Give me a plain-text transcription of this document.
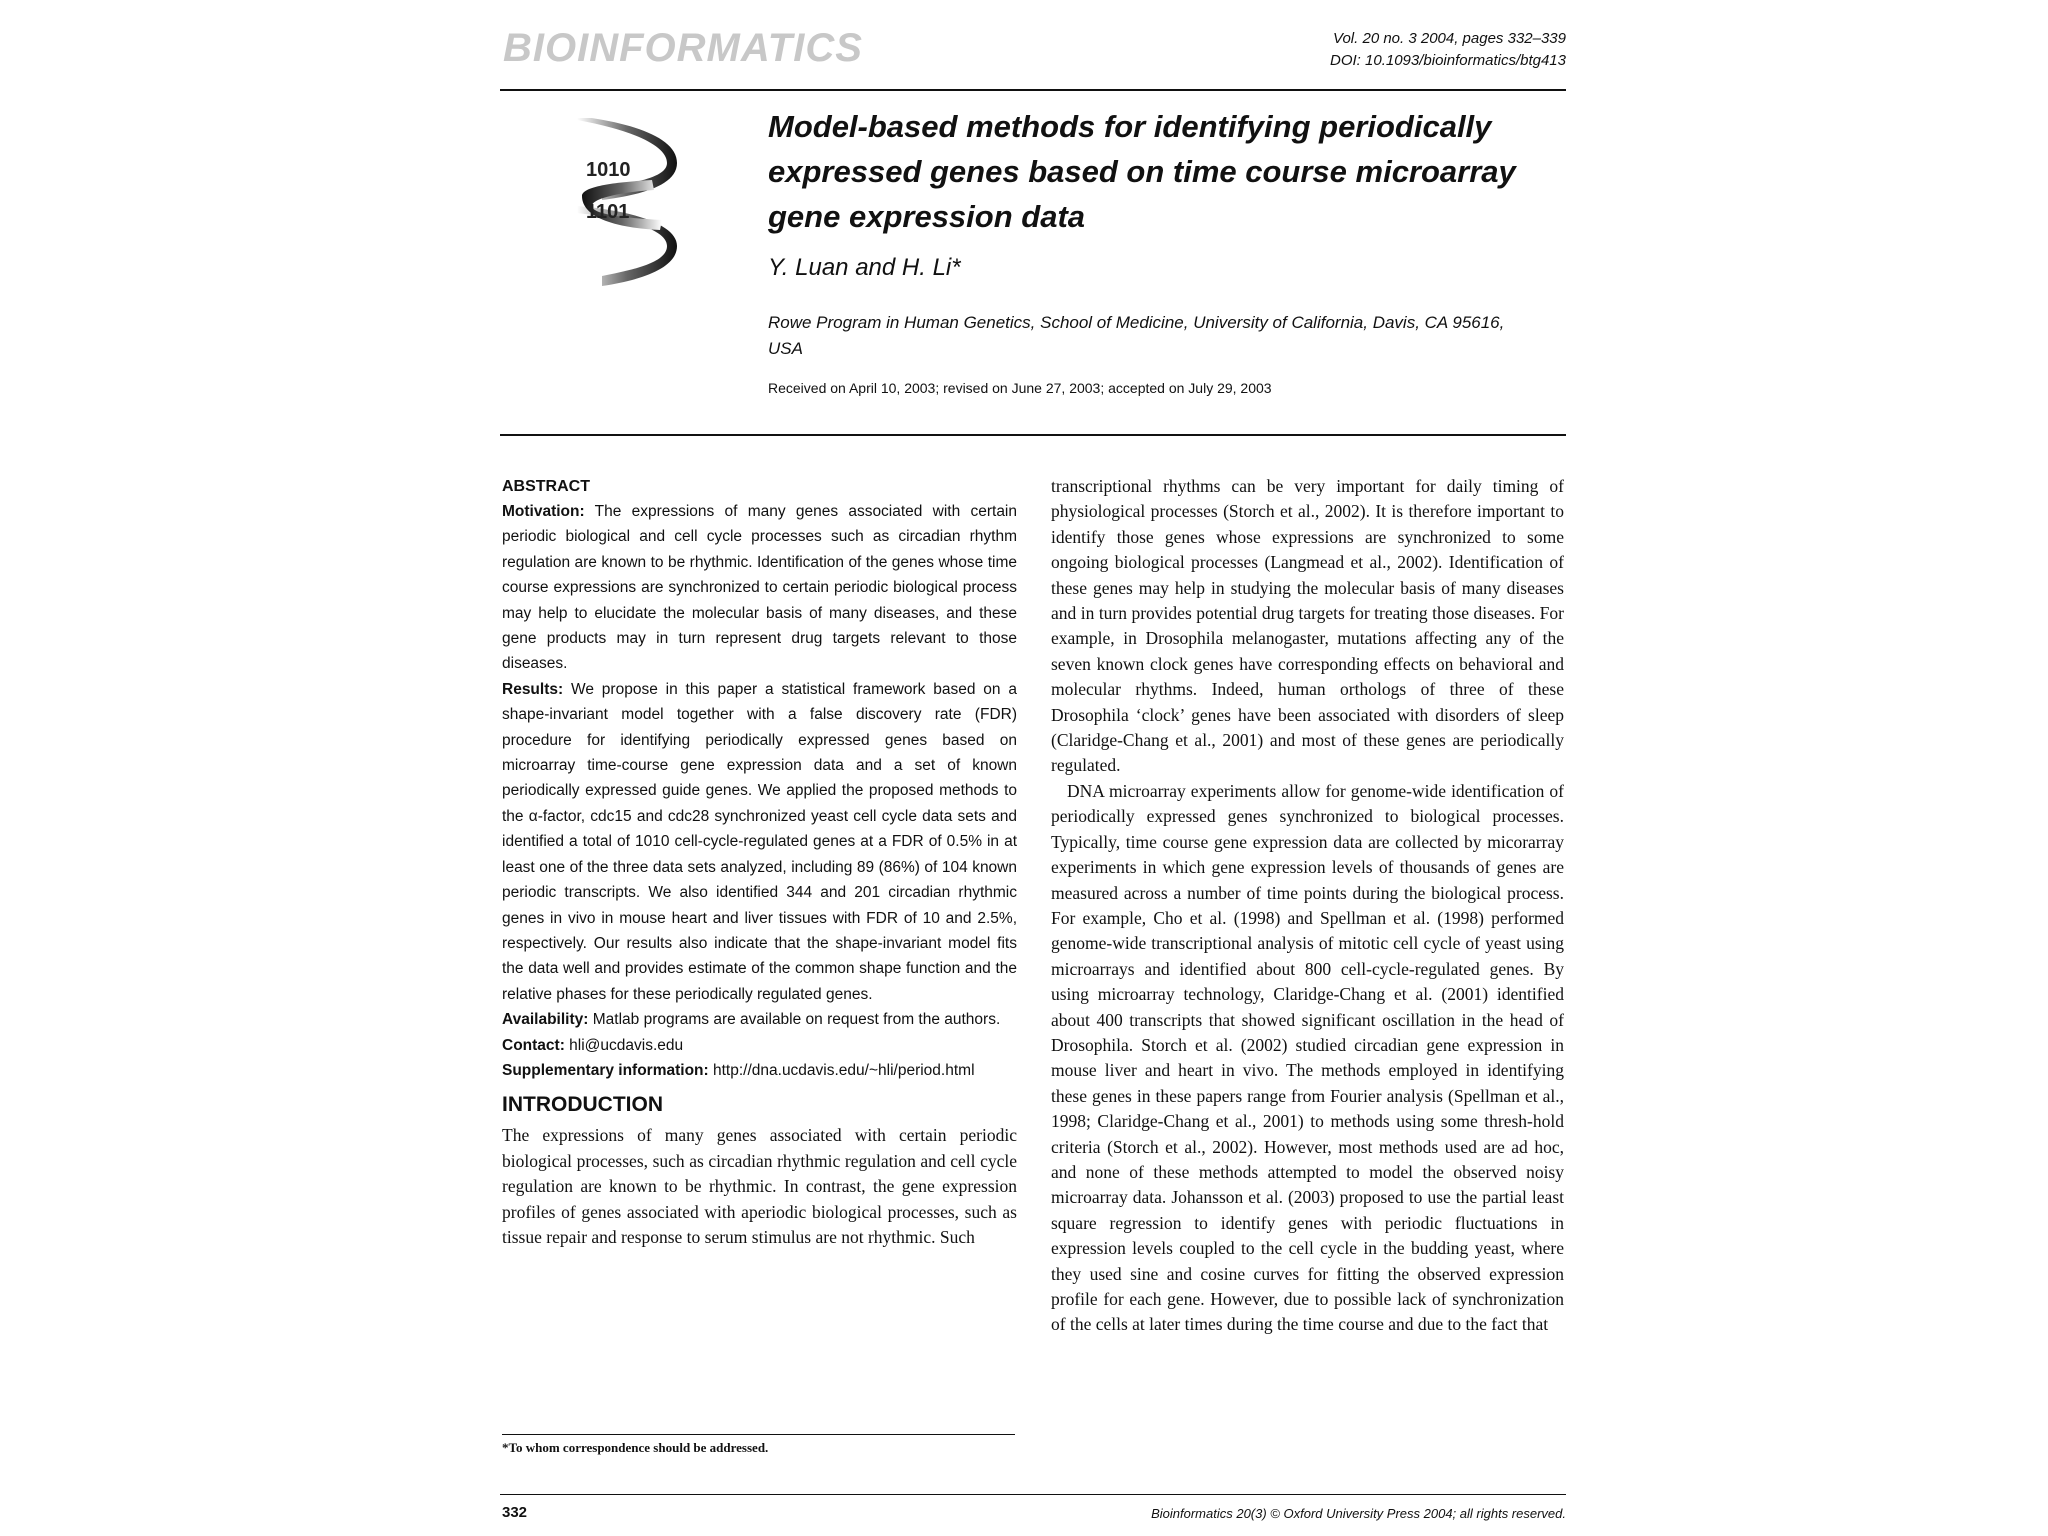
BIOINFORMATICS	Vol. 20 no. 3 2004, pages 332–339
DOI: 10.1093/bioinformatics/btg413
1010
1101
Model-based methods for identifying periodically expressed genes based on time course microarray gene expression data
Y. Luan and H. Li*
Rowe Program in Human Genetics, School of Medicine, University of California, Davis, CA 95616, USA
Received on April 10, 2003; revised on June 27, 2003; accepted on July 29, 2003
ABSTRACT

Motivation: The expressions of many genes associated with certain periodic biological and cell cycle processes such as circadian rhythm regulation are known to be rhythmic. Identification of the genes whose time course expressions are synchronized to certain periodic biological process may help to elucidate the molecular basis of many diseases, and these gene products may in turn represent drug targets relevant to those diseases.

Results: We propose in this paper a statistical framework based on a shape-invariant model together with a false discovery rate (FDR) procedure for identifying periodically expressed genes based on microarray time-course gene expression data and a set of known periodically expressed guide genes. We applied the proposed methods to the α-factor, cdc15 and cdc28 synchronized yeast cell cycle data sets and identified a total of 1010 cell-cycle-regulated genes at a FDR of 0.5% in at least one of the three data sets analyzed, including 89 (86%) of 104 known periodic transcripts. We also identified 344 and 201 circadian rhythmic genes in vivo in mouse heart and liver tissues with FDR of 10 and 2.5%, respectively. Our results also indicate that the shape-invariant model fits the data well and provides estimate of the common shape function and the relative phases for these periodically regulated genes.

Availability: Matlab programs are available on request from the authors.

Contact: hli@ucdavis.edu

Supplementary information: http://dna.ucdavis.edu/~hli/period.html

INTRODUCTION

The expressions of many genes associated with certain periodic biological processes, such as circadian rhythmic regulation and cell cycle regulation are known to be rhythmic. In contrast, the gene expression profiles of genes associated with aperiodic biological processes, such as tissue repair and response to serum stimulus are not rhythmic. Such

transcriptional rhythms can be very important for daily timing of physiological processes (Storch et al., 2002). It is therefore important to identify those genes whose expressions are synchronized to some ongoing biological processes (Langmead et al., 2002). Identification of these genes may help in studying the molecular basis of many diseases and in turn provides potential drug targets for treating those diseases. For example, in Drosophila melanogaster, mutations affecting any of the seven known clock genes have corresponding effects on behavioral and molecular rhythms. Indeed, human orthologs of three of these Drosophila ‘clock’ genes have been associated with disorders of sleep (Claridge-Chang et al., 2001) and most of these genes are periodically regulated.

DNA microarray experiments allow for genome-wide identification of periodically expressed genes synchronized to biological processes. Typically, time course gene expression data are collected by micorarray experiments in which gene expression levels of thousands of genes are measured across a number of time points during the biological process. For example, Cho et al. (1998) and Spellman et al. (1998) performed genome-wide transcriptional analysis of mitotic cell cycle of yeast using microarrays and identified about 800 cell-cycle-regulated genes. By using microarray technology, Claridge-Chang et al. (2001) identified about 400 transcripts that showed significant oscillation in the head of Drosophila. Storch et al. (2002) studied circadian gene expression in mouse liver and heart in vivo. The methods employed in identifying these genes in these papers range from Fourier analysis (Spellman et al., 1998; Claridge-Chang et al., 2001) to methods using some thresh-hold criteria (Storch et al., 2002). However, most methods used are ad hoc, and none of these methods attempted to model the observed noisy microarray data. Johansson et al. (2003) proposed to use the partial least square regression to identify genes with periodic fluctuations in expression levels coupled to the cell cycle in the budding yeast, where they used sine and cosine curves for fitting the observed expression profile for each gene. However, due to possible lack of synchronization of the cells at later times during the time course and due to the fact that

*To whom correspondence should be addressed.
332	Bioinformatics 20(3) © Oxford University Press 2004; all rights reserved.
